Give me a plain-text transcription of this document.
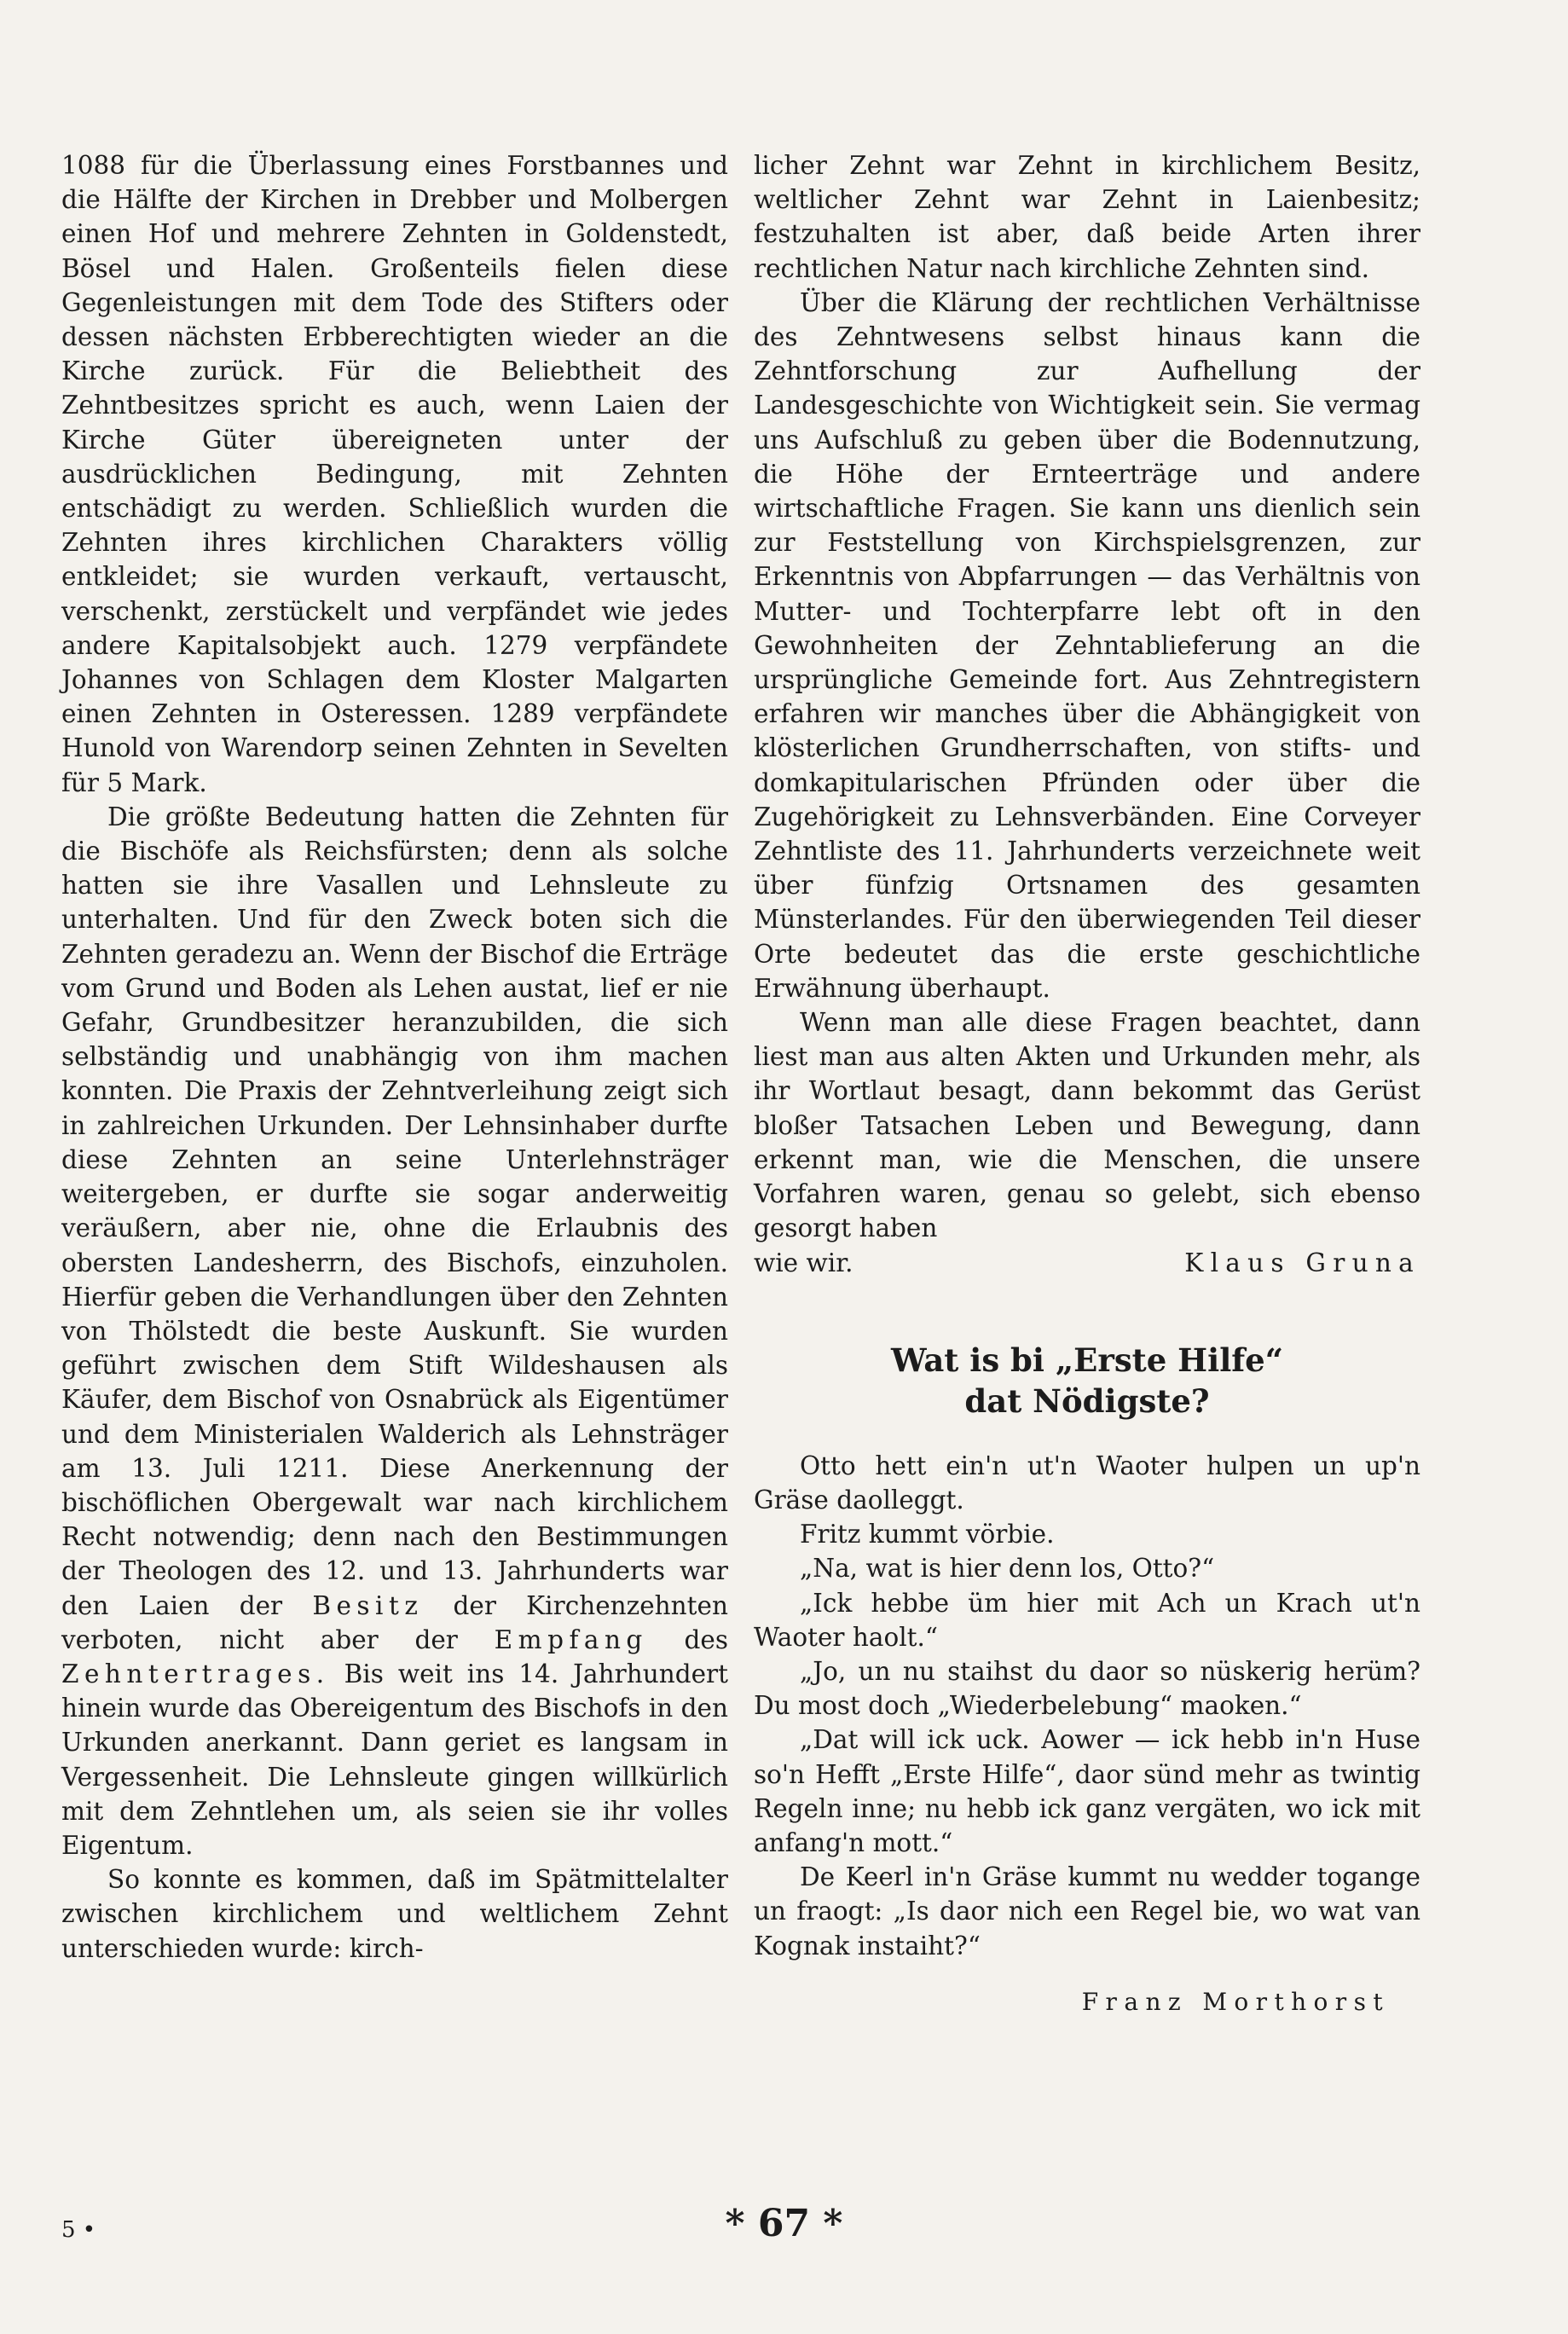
1088 für die Überlassung eines Forstbannes und die Hälfte der Kirchen in Drebber und Molbergen einen Hof und mehrere Zehnten in Goldenstedt, Bösel und Halen. Großenteils fielen diese Gegenleistungen mit dem Tode des Stifters oder dessen nächsten Erbberechtigten wieder an die Kirche zurück. Für die Beliebtheit des Zehntbesitzes spricht es auch, wenn Laien der Kirche Güter übereigneten unter der ausdrücklichen Bedingung, mit Zehnten entschädigt zu werden. Schließlich wurden die Zehnten ihres kirchlichen Charakters völlig entkleidet; sie wurden verkauft, vertauscht, verschenkt, zerstückelt und verpfändet wie jedes andere Kapitalsobjekt auch. 1279 verpfändete Johannes von Schlagen dem Kloster Malgarten einen Zehnten in Osteressen. 1289 verpfändete Hunold von Warendorp seinen Zehnten in Sevelten für 5 Mark.

Die größte Bedeutung hatten die Zehnten für die Bischöfe als Reichsfürsten; denn als solche hatten sie ihre Vasallen und Lehnsleute zu unterhalten. Und für den Zweck boten sich die Zehnten geradezu an. Wenn der Bischof die Erträge vom Grund und Boden als Lehen austat, lief er nie Gefahr, Grundbesitzer heranzubilden, die sich selbständig und unabhängig von ihm machen konnten. Die Praxis der Zehntverleihung zeigt sich in zahlreichen Urkunden. Der Lehnsinhaber durfte diese Zehnten an seine Unterlehnsträger weitergeben, er durfte sie sogar anderweitig veräußern, aber nie, ohne die Erlaubnis des obersten Landesherrn, des Bischofs, einzuholen. Hierfür geben die Verhandlungen über den Zehnten von Thölstedt die beste Auskunft. Sie wurden geführt zwischen dem Stift Wildeshausen als Käufer, dem Bischof von Osnabrück als Eigentümer und dem Ministerialen Walderich als Lehnsträger am 13. Juli 1211. Diese Anerkennung der bischöflichen Obergewalt war nach kirchlichem Recht notwendig; denn nach den Bestimmungen der Theologen des 12. und 13. Jahrhunderts war den Laien der Besitz der Kirchenzehnten verboten, nicht aber der Empfang des Zehntertrages. Bis weit ins 14. Jahrhundert hinein wurde das Obereigentum des Bischofs in den Urkunden anerkannt. Dann geriet es langsam in Vergessenheit. Die Lehnsleute gingen willkürlich mit dem Zehntlehen um, als seien sie ihr volles Eigentum.

So konnte es kommen, daß im Spätmittelalter zwischen kirchlichem und weltlichem Zehnt unterschieden wurde: kirch-

licher Zehnt war Zehnt in kirchlichem Besitz, weltlicher Zehnt war Zehnt in Laienbesitz; festzuhalten ist aber, daß beide Arten ihrer rechtlichen Natur nach kirchliche Zehnten sind.

Über die Klärung der rechtlichen Verhältnisse des Zehntwesens selbst hinaus kann die Zehntforschung zur Aufhellung der Landesgeschichte von Wichtigkeit sein. Sie vermag uns Aufschluß zu geben über die Bodennutzung, die Höhe der Ernteerträge und andere wirtschaftliche Fragen. Sie kann uns dienlich sein zur Feststellung von Kirchspielsgrenzen, zur Erkenntnis von Abpfarrungen — das Verhältnis von Mutter- und Tochterpfarre lebt oft in den Gewohnheiten der Zehntablieferung an die ursprüngliche Gemeinde fort. Aus Zehntregistern erfahren wir manches über die Abhängigkeit von klösterlichen Grundherrschaften, von stifts- und domkapitularischen Pfründen oder über die Zugehörigkeit zu Lehnsverbänden. Eine Corveyer Zehntliste des 11. Jahrhunderts verzeichnete weit über fünfzig Ortsnamen des gesamten Münsterlandes. Für den überwiegenden Teil dieser Orte bedeutet das die erste geschichtliche Erwähnung überhaupt.

Wenn man alle diese Fragen beachtet, dann liest man aus alten Akten und Urkunden mehr, als ihr Wortlaut besagt, dann bekommt das Gerüst bloßer Tatsachen Leben und Bewegung, dann erkennt man, wie die Menschen, die unsere Vorfahren waren, genau so gelebt, sich ebenso gesorgt haben

wie wir.	Klaus Gruna
Wat is bi „Erste Hilfe“
dat Nödigste?

Otto hett ein'n ut'n Waoter hulpen un up'n Gräse daolleggt.

Fritz kummt vörbie.

„Na, wat is hier denn los, Otto?“

„Ick hebbe üm hier mit Ach un Krach ut'n Waoter haolt.“

„Jo, un nu staihst du daor so nüskerig herüm? Du most doch „Wiederbelebung“ maoken.“

„Dat will ick uck. Aower — ick hebb in'n Huse so'n Hefft „Erste Hilfe“, daor sünd mehr as twintig Regeln inne; nu hebb ick ganz vergäten, wo ick mit anfang'n mott.“

De Keerl in'n Gräse kummt nu wedder togange un fraogt: „Is daor nich een Regel bie, wo wat van Kognak instaiht?“

Franz Morthorst
5 •	* 67 *
